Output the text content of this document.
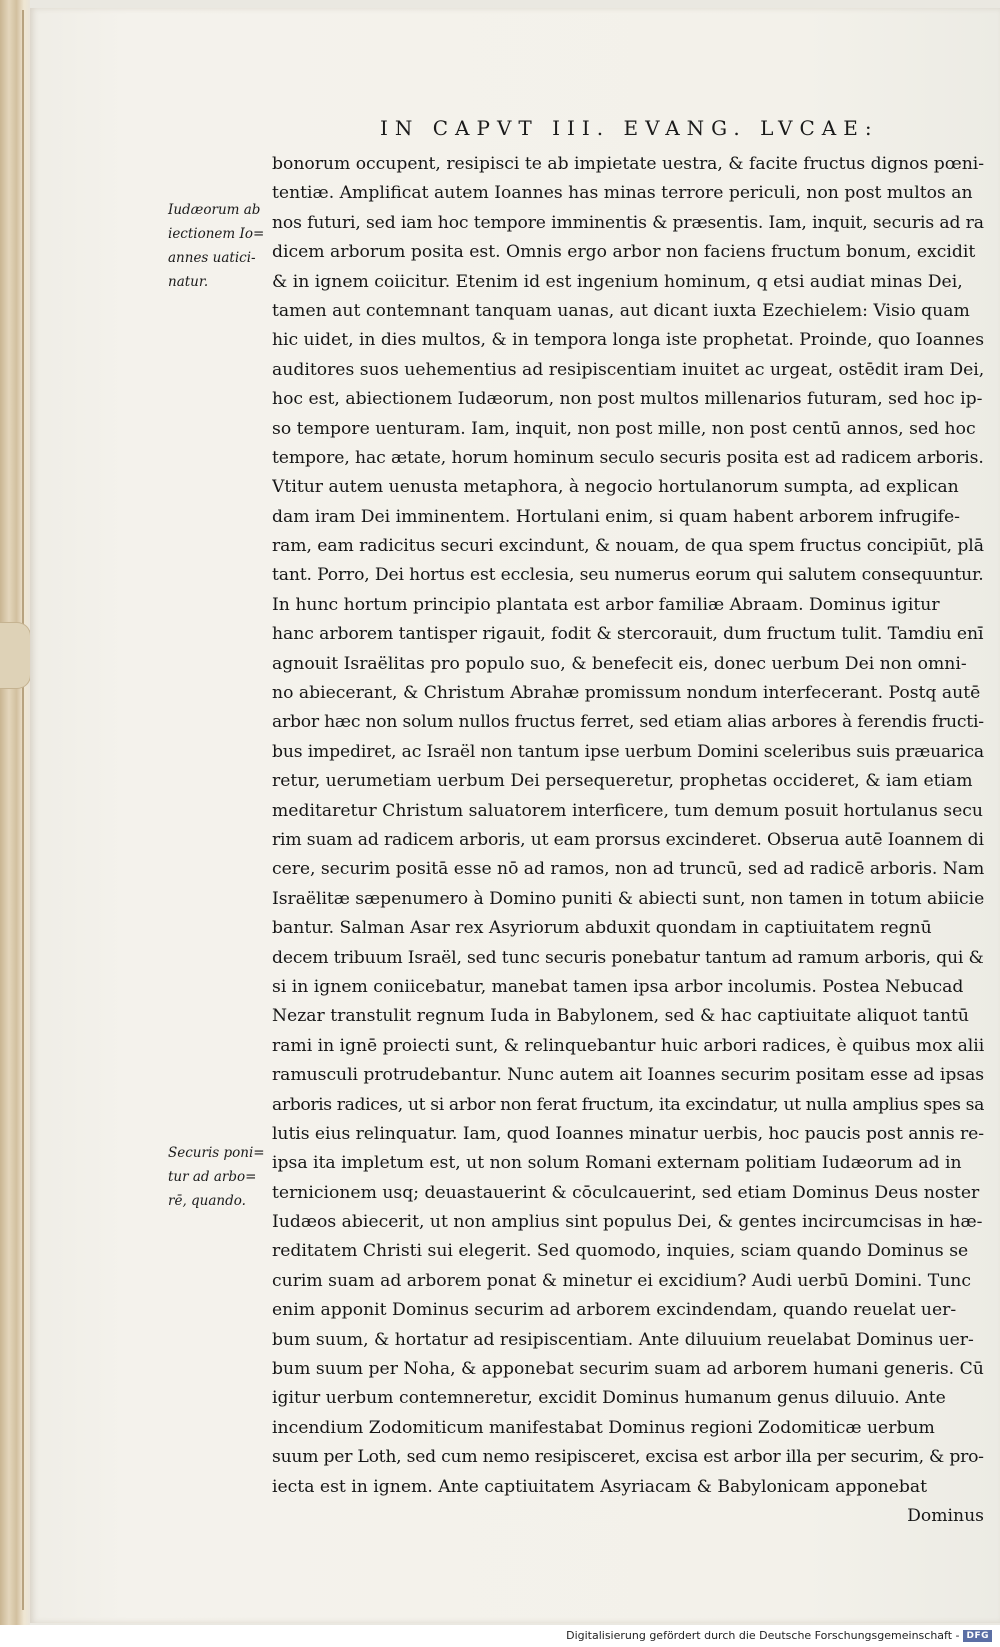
IN CAPVT III. EVANG. LVCAE:
Iudæorum ab
iectionem Io=
annes uatici-
natur.
Securis poni=
tur ad arbo=
rē, quando.
bonorum occupent, resipisci te ab impietate uestra, & facite fructus dignos pœni-
tentiæ. Amplificat autem Ioannes has minas terrore periculi, non post multos an
nos futuri, sed iam hoc tempore imminentis & præsentis. Iam, inquit, securis ad ra
dicem arborum posita est. Omnis ergo arbor non faciens fructum bonum, excidit
& in ignem coiicitur. Etenim id est ingenium hominum, q etsi audiat minas Dei,
tamen aut contemnant tanquam uanas, aut dicant iuxta Ezechielem: Visio quam
hic uidet, in dies multos, & in tempora longa iste prophetat. Proinde, quo Ioannes
auditores suos uehementius ad resipiscentiam inuitet ac urgeat, ostēdit iram Dei,
hoc est, abiectionem Iudæorum, non post multos millenarios futuram, sed hoc ip-
so tempore uenturam. Iam, inquit, non post mille, non post centū annos, sed hoc
tempore, hac ætate, horum hominum seculo securis posita est ad radicem arboris.
Vtitur autem uenusta metaphora, à negocio hortulanorum sumpta, ad explican
dam iram Dei imminentem. Hortulani enim, si quam habent arborem infrugife-
ram, eam radicitus securi excindunt, & nouam, de qua spem fructus concipiūt, plā
tant. Porro, Dei hortus est ecclesia, seu numerus eorum qui salutem consequuntur.
In hunc hortum principio plantata est arbor familiæ Abraam. Dominus igitur
hanc arborem tantisper rigauit, fodit & stercorauit, dum fructum tulit. Tamdiu enī
agnouit Israëlitas pro populo suo, & benefecit eis, donec uerbum Dei non omni-
no abiecerant, & Christum Abrahæ promissum nondum interfecerant. Postq autē
arbor hæc non solum nullos fructus ferret, sed etiam alias arbores à ferendis fructi-
bus impediret, ac Israël non tantum ipse uerbum Domini sceleribus suis præuarica
retur, uerumetiam uerbum Dei persequeretur, prophetas occideret, & iam etiam
meditaretur Christum saluatorem interficere, tum demum posuit hortulanus secu
rim suam ad radicem arboris, ut eam prorsus excinderet. Obserua autē Ioannem di
cere, securim positā esse nō ad ramos, non ad truncū, sed ad radicē arboris. Nam
Israëlitæ sæpenumero à Domino puniti & abiecti sunt, non tamen in totum abiicie
bantur. Salman Asar rex Asyriorum abduxit quondam in captiuitatem regnū
decem tribuum Israël, sed tunc securis ponebatur tantum ad ramum arboris, qui &
si in ignem coniicebatur, manebat tamen ipsa arbor incolumis. Postea Nebucad
Nezar transtulit regnum Iuda in Babylonem, sed & hac captiuitate aliquot tantū
rami in ignē proiecti sunt, & relinquebantur huic arbori radices, è quibus mox alii
ramusculi protrudebantur. Nunc autem ait Ioannes securim positam esse ad ipsas
arboris radices, ut si arbor non ferat fructum, ita excindatur, ut nulla amplius spes sa
lutis eius relinquatur. Iam, quod Ioannes minatur uerbis, hoc paucis post annis re-
ipsa ita impletum est, ut non solum Romani externam politiam Iudæorum ad in
ternicionem usq; deuastauerint & cōculcauerint, sed etiam Dominus Deus noster
Iudæos abiecerit, ut non amplius sint populus Dei, & gentes incircumcisas in hæ-
reditatem Christi sui elegerit. Sed quomodo, inquies, sciam quando Dominus se
curim suam ad arborem ponat & minetur ei excidium? Audi uerbū Domini. Tunc
enim apponit Dominus securim ad arborem excindendam, quando reuelat uer-
bum suum, & hortatur ad resipiscentiam. Ante diluuium reuelabat Dominus uer-
bum suum per Noha, & apponebat securim suam ad arborem humani generis. Cū
igitur uerbum contemneretur, excidit Dominus humanum genus diluuio. Ante
incendium Zodomiticum manifestabat Dominus regioni Zodomiticæ uerbum
suum per Loth, sed cum nemo resipisceret, excisa est arbor illa per securim, & pro-
iecta est in ignem. Ante captiuitatem Asyriacam & Babylonicam apponebat
Dominus
Digitalisierung gefördert durch die Deutsche Forschungsgemeinschaft - DFG
